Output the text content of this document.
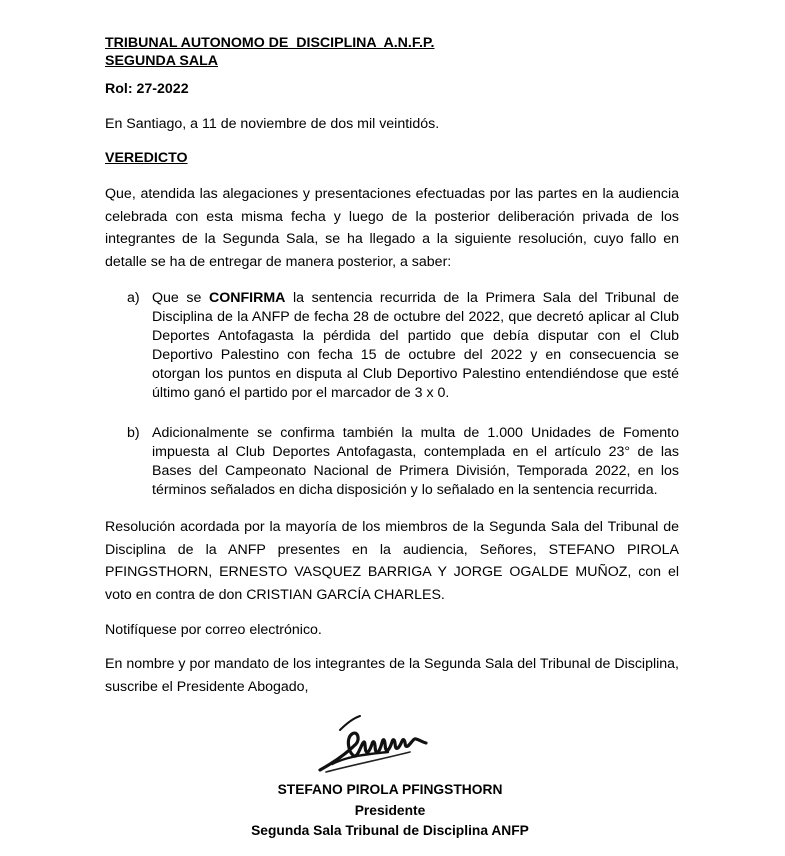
TRIBUNAL AUTONOMO DE  DISCIPLINA  A.N.F.P.
SEGUNDA SALA
Rol: 27-2022
En Santiago, a 11 de noviembre de dos mil veintidós.
VEREDICTO
Que, atendida las alegaciones y presentaciones efectuadas por las partes en la audiencia celebrada con esta misma fecha y luego de la posterior deliberación privada de los integrantes de la Segunda Sala, se ha llegado a la siguiente resolución, cuyo fallo en detalle se ha de entregar de manera posterior, a saber:
a) Que se CONFIRMA la sentencia recurrida de la Primera Sala del Tribunal de Disciplina de la ANFP de fecha 28 de octubre del 2022, que decretó aplicar al Club Deportes Antofagasta la pérdida del partido que debía disputar con el Club Deportivo Palestino con fecha 15 de octubre del 2022 y en consecuencia se otorgan los puntos en disputa al Club Deportivo Palestino entendiéndose que esté último ganó el partido por el marcador de 3 x 0.
b) Adicionalmente se confirma también la multa de 1.000 Unidades de Fomento impuesta al Club Deportes Antofagasta, contemplada en el artículo 23° de las Bases del Campeonato Nacional de Primera División, Temporada 2022, en los términos señalados en dicha disposición y lo señalado en la sentencia recurrida.
Resolución acordada por la mayoría de los miembros de la Segunda Sala del Tribunal de Disciplina de la ANFP presentes en la audiencia, Señores, STEFANO PIROLA PFINGSTHORN, ERNESTO VASQUEZ BARRIGA Y JORGE OGALDE MUÑOZ, con el voto en contra de don CRISTIAN GARCÍA CHARLES.
Notifíquese por correo electrónico.
En nombre y por mandato de los integrantes de la Segunda Sala del Tribunal de Disciplina, suscribe el Presidente Abogado,
STEFANO PIROLA PFINGSTHORN
Presidente
Segunda Sala Tribunal de Disciplina ANFP
